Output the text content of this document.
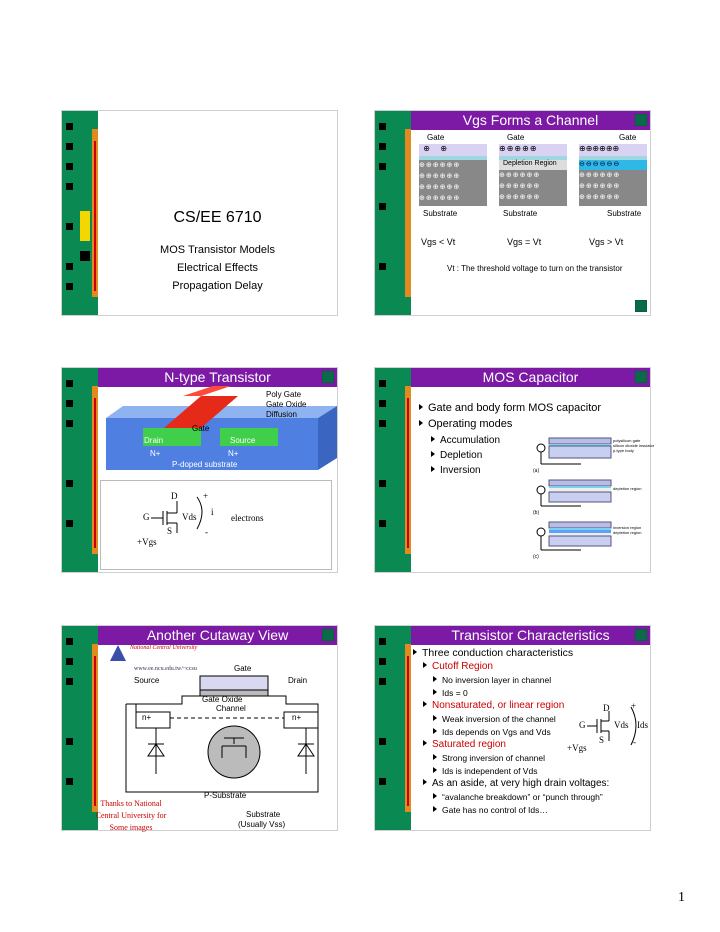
CS/EE 6710
MOS Transistor Models
Electrical Effects
Propagation Delay
Vgs Forms a Channel
Gate
⊕  ⊕
⊕⊕⊕⊕⊕⊕
⊕⊕⊕⊕⊕⊕
⊕⊕⊕⊕⊕⊕
⊕⊕⊕⊕⊕⊕
Substrate
Gate
⊕⊕⊕⊕⊕
Depletion Region
⊕⊕⊕⊕⊕⊕
⊕⊕⊕⊕⊕⊕
⊕⊕⊕⊕⊕⊕
Substrate
Gate
⊕⊕⊕⊕⊕⊕
⊖⊖⊖⊖⊖⊖
⊕⊕⊕⊕⊕⊕
⊕⊕⊕⊕⊕⊕
⊕⊕⊕⊕⊕⊕
Substrate
Vgs < Vt	Vgs = Vt	Vgs > Vt
Vt : The threshold voltage to turn on the transistor
N-type Transistor
Poly Gate
Gate Oxide
Diffusion
Gate
Drain	Source
N+	N+
P-doped substrate
D
G
S
Vds
+
-
i
electrons
+Vgs
MOS Capacitor
Gate and body form MOS capacitor
Operating modes
Accumulation
Depletion
Inversion
polysilicon gate
silicon dioxide insulator
p-type body
depletion region
inversion region
depletion region
(a)
(b)
(c)
Another Cutaway View
National Central University
www.ee.ncu.edu.tw/~ccsu	Gate
Source	Drain
Gate Oxide
Channel
n+	n+
P-Substrate
Substrate
(Usually Vss)
Thanks to National Central University for Some images
Transistor Characteristics
Three conduction characteristics
Cutoff Region
No inversion layer in channel
Ids = 0
Nonsaturated, or linear region
Weak inversion of the channel
Ids depends on Vgs and Vds
Saturated region
Strong inversion of channel
Ids is independent of Vds
As an aside, at very high drain voltages:
“avalanche breakdown” or “punch through”
Gate has no control of Ids…
D
G
S
Vds Ids
+
-
+Vgs
1
